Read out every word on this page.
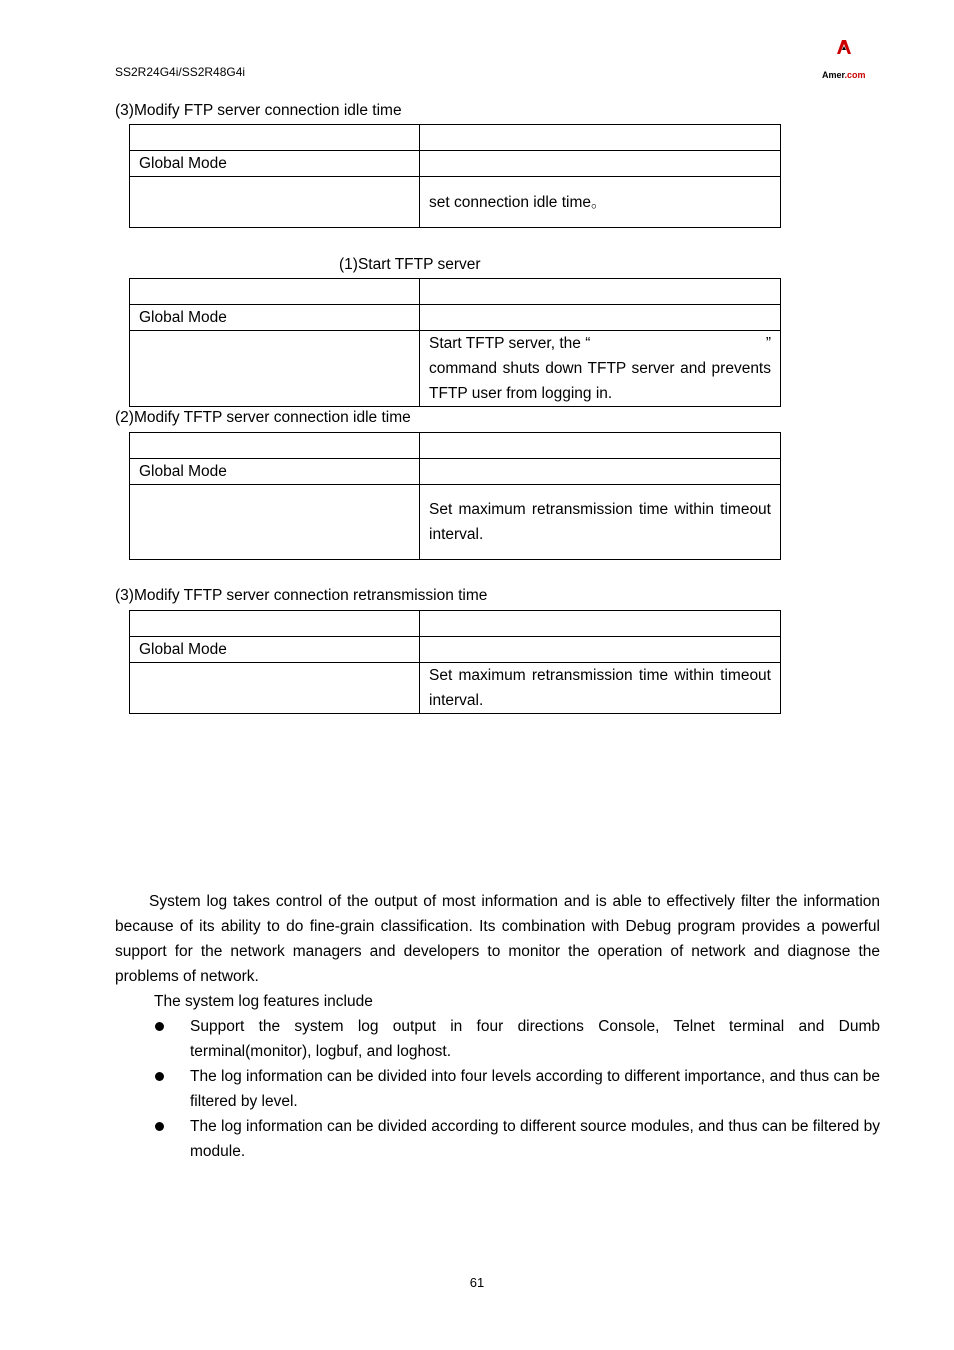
SS2R24G4i/SS2R48G4i	Amer.com
(3)Modify FTP server connection idle time

Global Mode	
	set connection idle time。
(1)Start TFTP server

Global Mode	

	Start TFTP server, the “ ”
command shuts down TFTP server and prevents TFTP user from logging in.
(2)Modify TFTP server connection idle time

Global Mode	
	Set maximum retransmission time within timeout interval.
(3)Modify TFTP server connection retransmission time

Global Mode	
	Set maximum retransmission time within timeout interval.
System log takes control of the output of most information and is able to effectively filter the information because of its ability to do fine-grain classification. Its combination with Debug program provides a powerful support for the network managers and developers to monitor the operation of network and diagnose the problems of network.
The system log features include
Support the system log output in four directions Console, Telnet terminal and Dumb terminal(monitor), logbuf, and loghost.
The log information can be divided into four levels according to different importance, and thus can be filtered by level.
The log information can be divided according to different source modules, and thus can be filtered by module.
61
